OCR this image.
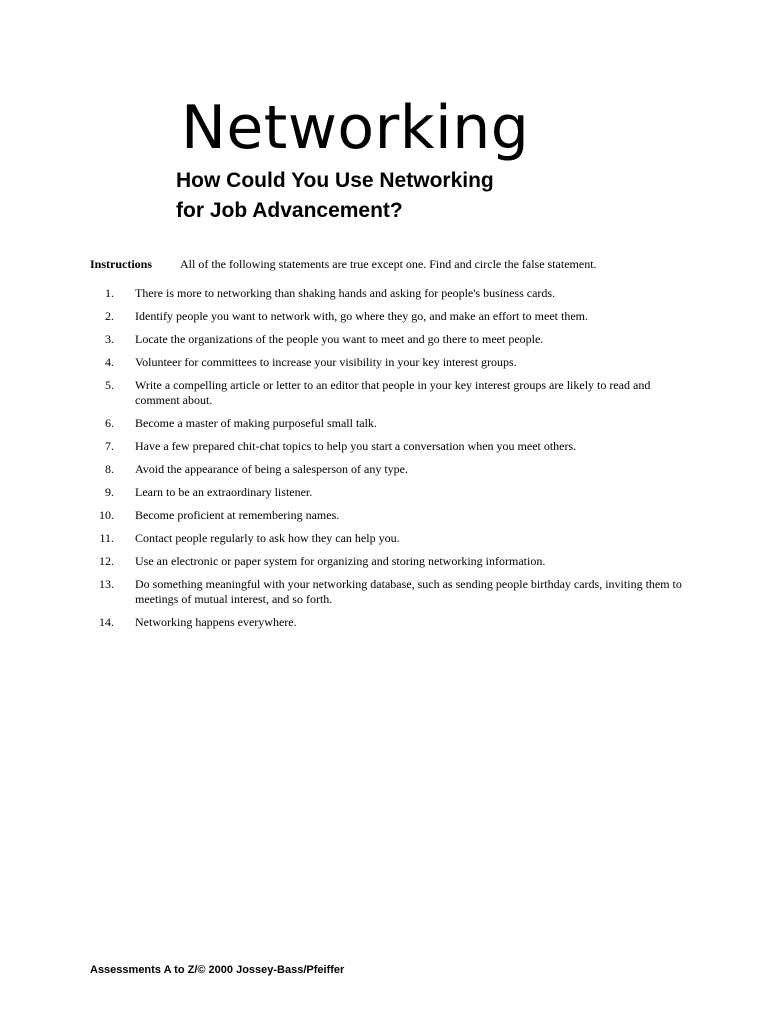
Networking
How Could You Use Networking
for Job Advancement?
Instructions All of the following statements are true except one. Find and circle the false statement.
1. There is more to networking than shaking hands and asking for people's business cards.
2. Identify people you want to network with, go where they go, and make an effort to meet them.
3. Locate the organizations of the people you want to meet and go there to meet people.
4. Volunteer for committees to increase your visibility in your key interest groups.
5. Write a compelling article or letter to an editor that people in your key interest groups are likely to read and comment about.
6. Become a master of making purposeful small talk.
7. Have a few prepared chit-chat topics to help you start a conversation when you meet others.
8. Avoid the appearance of being a salesperson of any type.
9. Learn to be an extraordinary listener.
10. Become proficient at remembering names.
11. Contact people regularly to ask how they can help you.
12. Use an electronic or paper system for organizing and storing networking information.
13. Do something meaningful with your networking database, such as sending people birthday cards, inviting them to meetings of mutual interest, and so forth.
14. Networking happens everywhere.
Assessments A to Z/© 2000 Jossey-Bass/Pfeiffer
